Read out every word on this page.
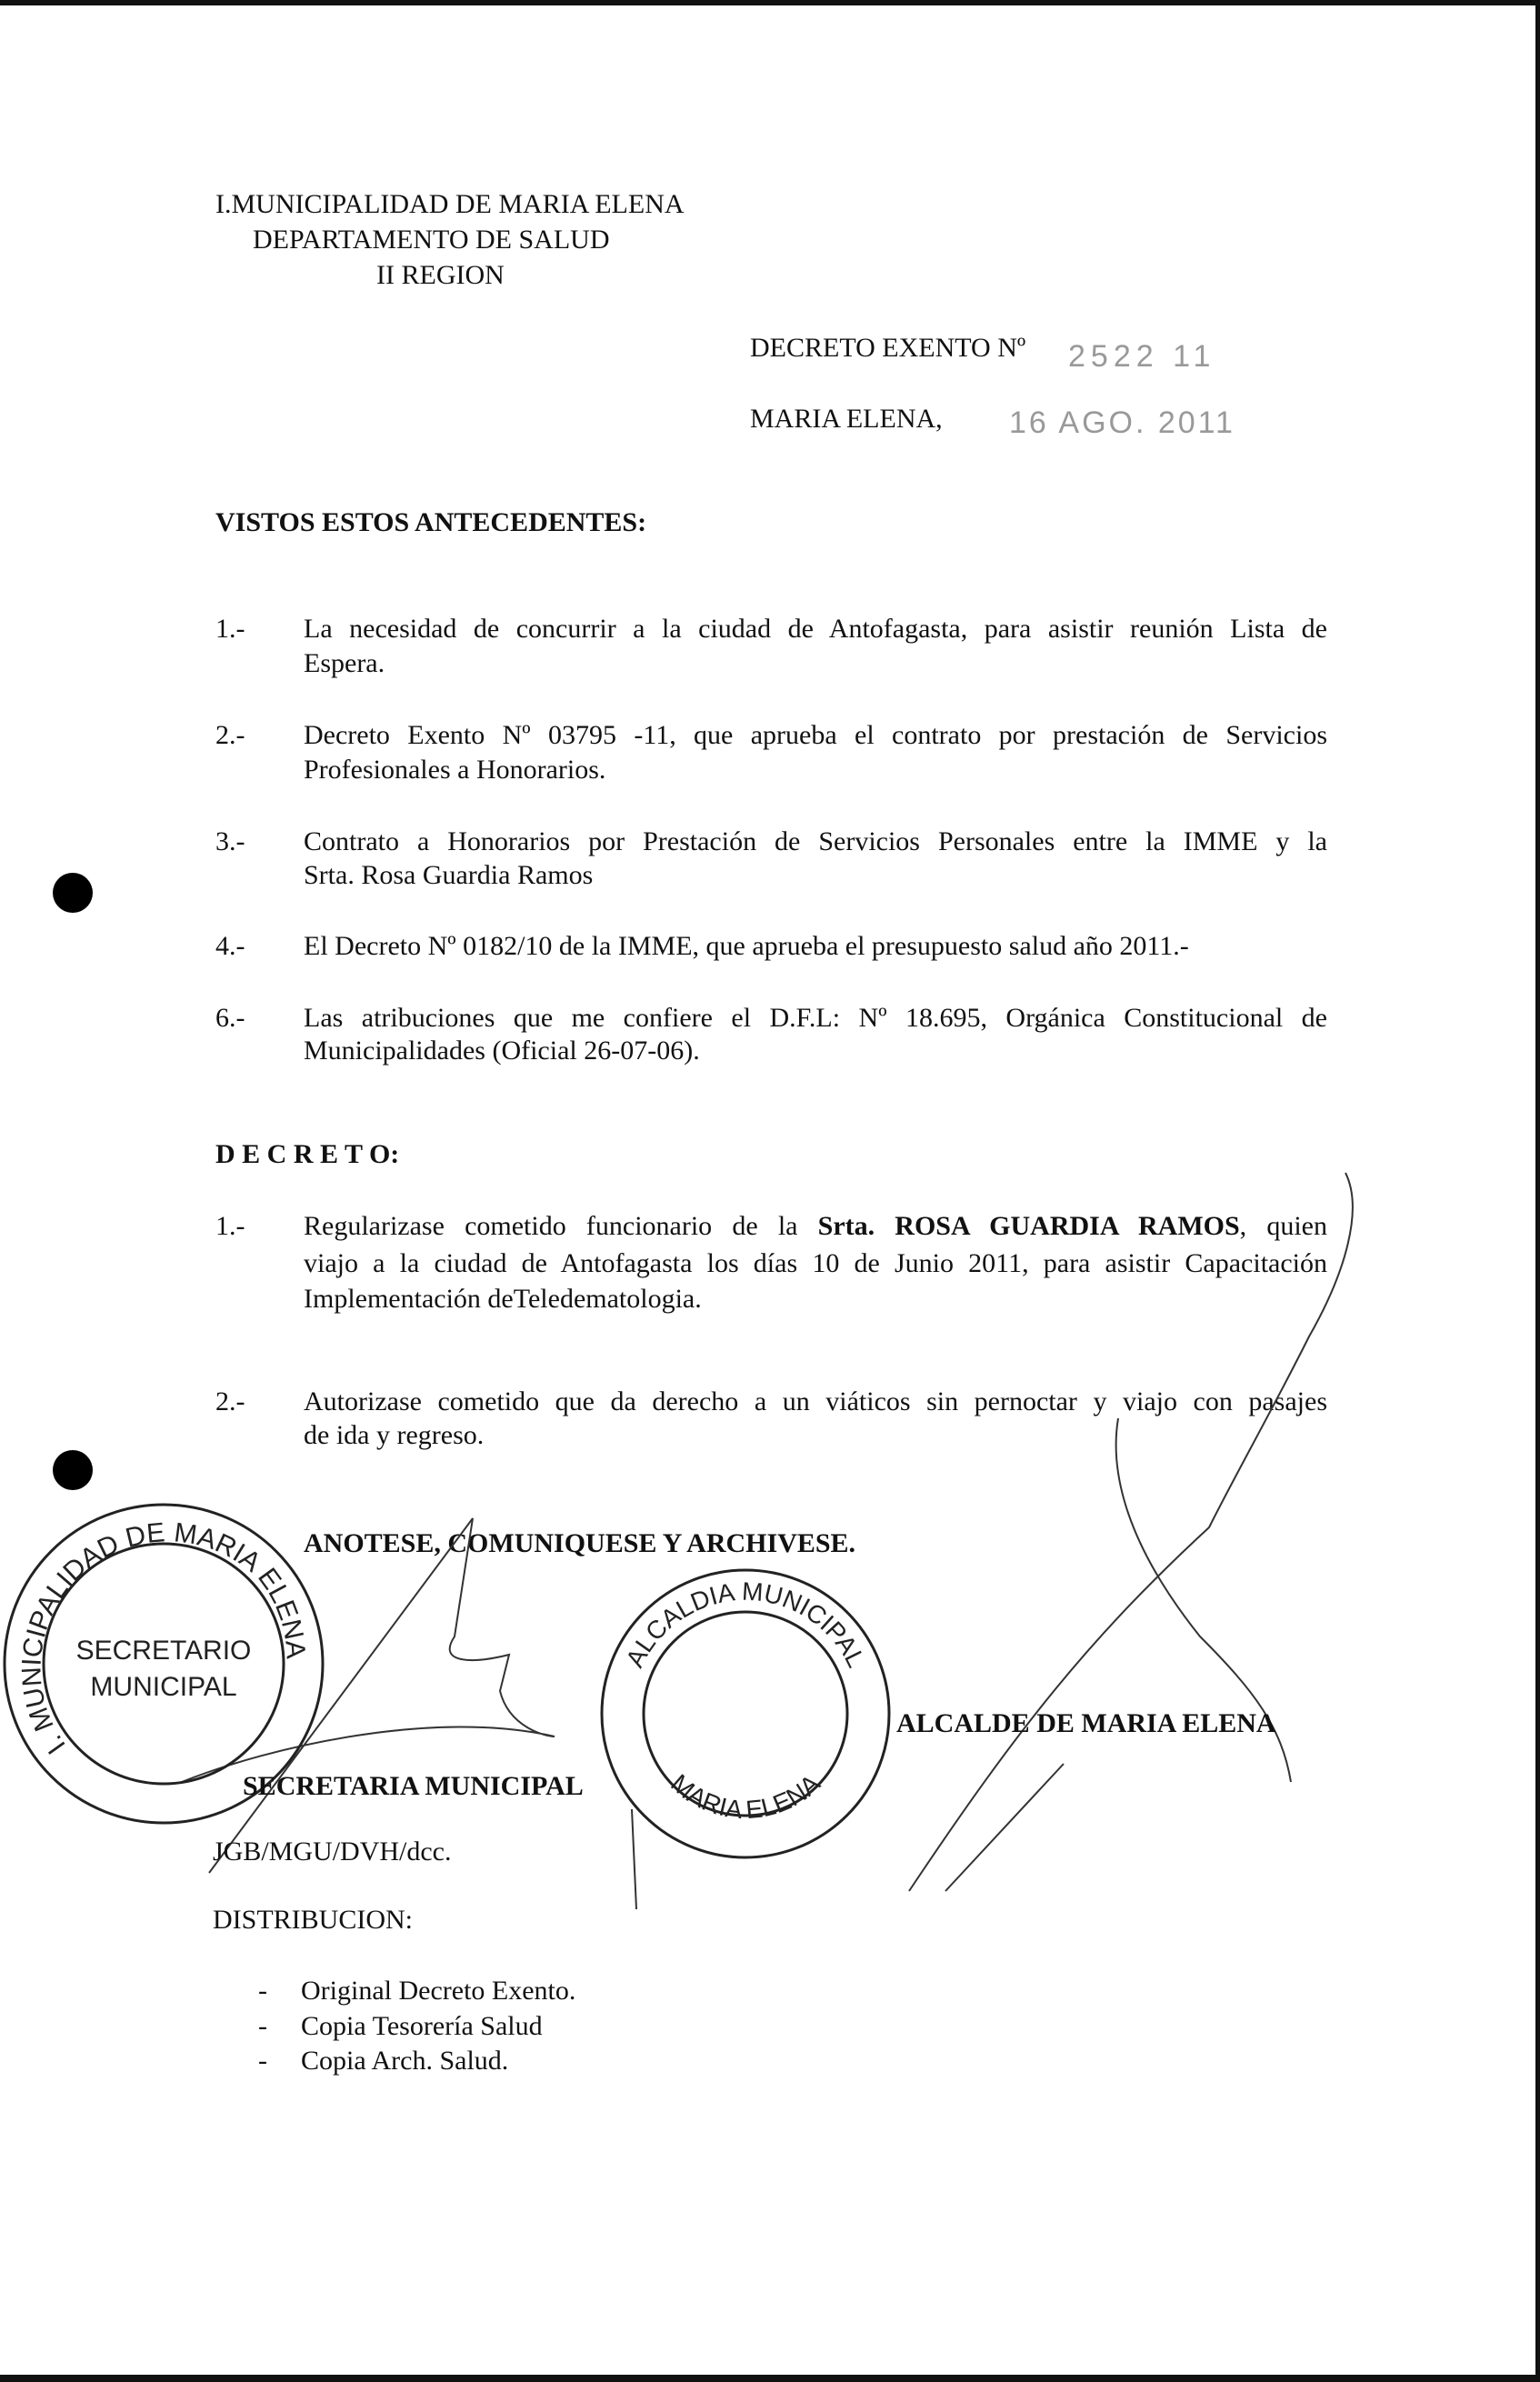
I.MUNICIPALIDAD DE MARIA ELENA
DEPARTAMENTO DE SALUD
II REGION
DECRETO EXENTO Nº 2522 11
MARIA ELENA, 16 AGO. 2011
VISTOS ESTOS ANTECEDENTES:
1.- La necesidad de concurrir a la ciudad de Antofagasta, para asistir reunión Lista de
Espera.
2.- Decreto Exento Nº 03795 -11, que aprueba el contrato por prestación de Servicios
Profesionales a Honorarios.
3.- Contrato a Honorarios por Prestación de Servicios Personales entre la IMME y la
Srta. Rosa Guardia Ramos
4.- El Decreto Nº 0182/10 de la IMME, que aprueba el presupuesto salud año 2011.-
6.- Las atribuciones que me confiere el D.F.L: Nº 18.695, Orgánica Constitucional de
Municipalidades (Oficial 26-07-06).
D E C R E T O:
1.- Regularizase cometido funcionario de la Srta. ROSA GUARDIA RAMOS, quien
viajo a la ciudad de Antofagasta los días 10 de Junio 2011, para asistir Capacitación
Implementación deTeledematologia.
2.- Autorizase cometido que da derecho a un viáticos sin pernoctar y viajo con pasajes
de ida y regreso.
ANOTESE, COMUNIQUESE Y ARCHIVESE.
I. MUNICIPALIDAD DE MARIA ELENA
SECRETARIO
MUNICIPAL
ALCALDIA MUNICIPAL
MARIA ELENA
ALCALDE DE MARIA ELENA
SECRETARIA MUNICIPAL
JGB/MGU/DVH/dcc.
DISTRIBUCION:
- Original Decreto Exento.
- Copia Tesorería Salud
- Copia Arch. Salud.
